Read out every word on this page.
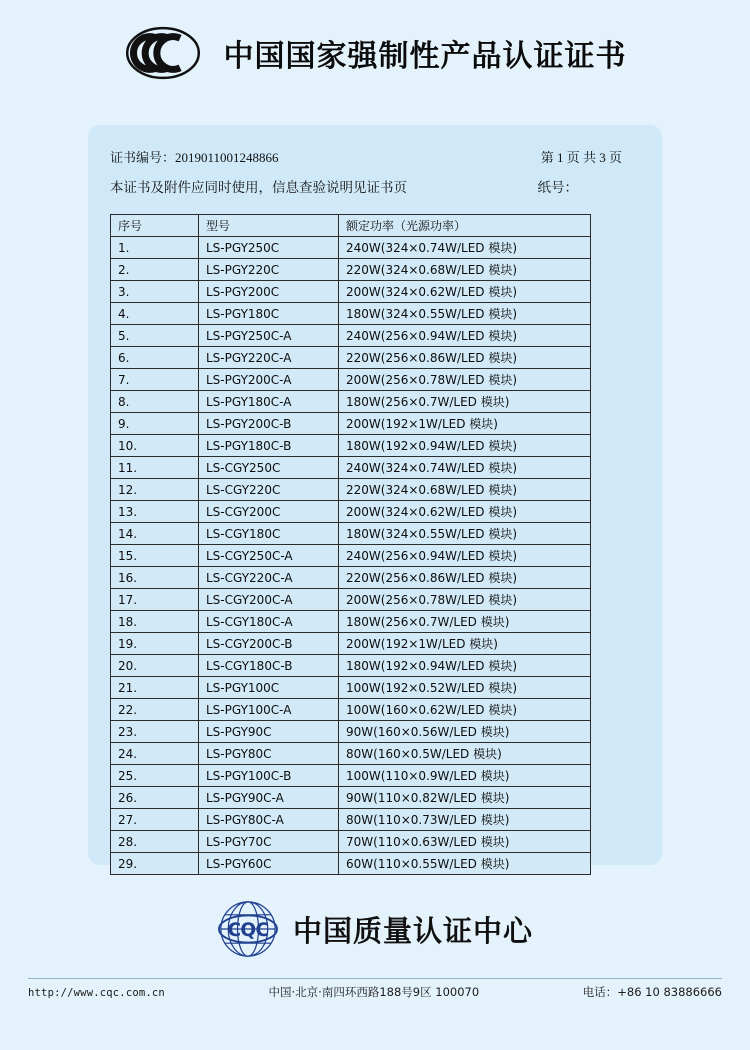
中国国家强制性产品认证证书
证书编号：2019011001248866	第 1 页 共 3 页
本证书及附件应同时使用，信息查验说明见证书页	纸号：
序号	型号	额定功率（光源功率）
1.	LS-PGY250C	240W(324×0.74W/LED 模块)
2.	LS-PGY220C	220W(324×0.68W/LED 模块)
3.	LS-PGY200C	200W(324×0.62W/LED 模块)
4.	LS-PGY180C	180W(324×0.55W/LED 模块)
5.	LS-PGY250C-A	240W(256×0.94W/LED 模块)
6.	LS-PGY220C-A	220W(256×0.86W/LED 模块)
7.	LS-PGY200C-A	200W(256×0.78W/LED 模块)
8.	LS-PGY180C-A	180W(256×0.7W/LED 模块)
9.	LS-PGY200C-B	200W(192×1W/LED 模块)
10.	LS-PGY180C-B	180W(192×0.94W/LED 模块)
11.	LS-CGY250C	240W(324×0.74W/LED 模块)
12.	LS-CGY220C	220W(324×0.68W/LED 模块)
13.	LS-CGY200C	200W(324×0.62W/LED 模块)
14.	LS-CGY180C	180W(324×0.55W/LED 模块)
15.	LS-CGY250C-A	240W(256×0.94W/LED 模块)
16.	LS-CGY220C-A	220W(256×0.86W/LED 模块)
17.	LS-CGY200C-A	200W(256×0.78W/LED 模块)
18.	LS-CGY180C-A	180W(256×0.7W/LED 模块)
19.	LS-CGY200C-B	200W(192×1W/LED 模块)
20.	LS-CGY180C-B	180W(192×0.94W/LED 模块)
21.	LS-PGY100C	100W(192×0.52W/LED 模块)
22.	LS-PGY100C-A	100W(160×0.62W/LED 模块)
23.	LS-PGY90C	90W(160×0.56W/LED 模块)
24.	LS-PGY80C	80W(160×0.5W/LED 模块)
25.	LS-PGY100C-B	100W(110×0.9W/LED 模块)
26.	LS-PGY90C-A	90W(110×0.82W/LED 模块)
27.	LS-PGY80C-A	80W(110×0.73W/LED 模块)
28.	LS-PGY70C	70W(110×0.63W/LED 模块)
29.	LS-PGY60C	60W(110×0.55W/LED 模块)
CQC 中国质量认证中心
http://www.cqc.com.cn	中国·北京·南四环西路188号9区 100070	电话：+86 10 83886666
